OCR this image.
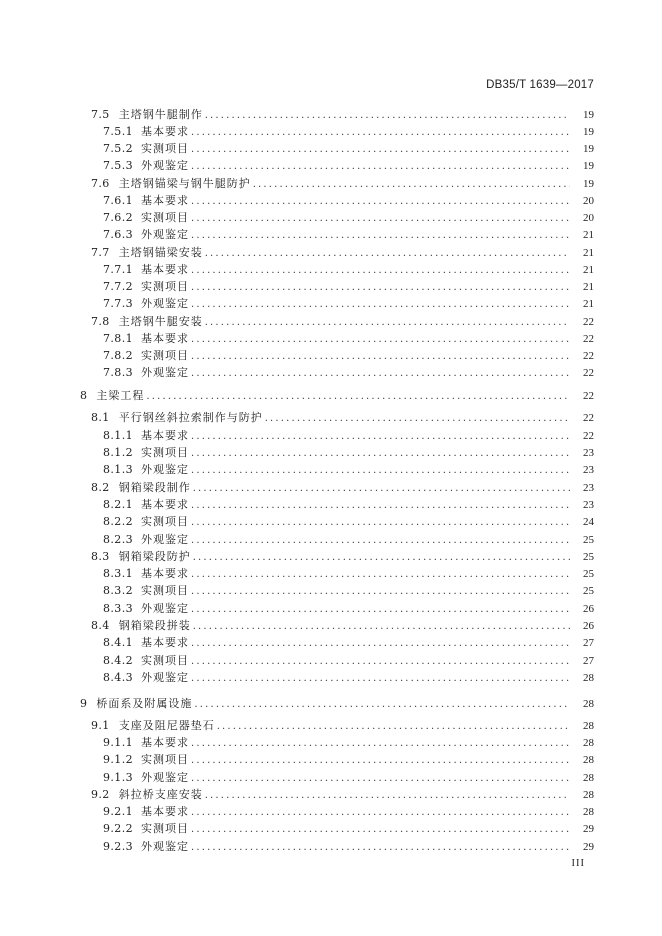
DB35/T 1639—2017
7.5 主塔钢牛腿制作 . . .	19
7.5.1 基本要求 . . .	19
7.5.2 实测项目 . . .	19
7.5.3 外观鉴定 . . .	19
7.6 主塔钢锚梁与钢牛腿防护 . . .	19
7.6.1 基本要求 . . .	20
7.6.2 实测项目 . . .	20
7.6.3 外观鉴定 . . .	21
7.7 主塔钢锚梁安装 . . .	21
7.7.1 基本要求 . . .	21
7.7.2 实测项目 . . .	21
7.7.3 外观鉴定 . . .	21
7.8 主塔钢牛腿安装 . . .	22
7.8.1 基本要求 . . .	22
7.8.2 实测项目 . . .	22
7.8.3 外观鉴定 . . .	22
8 主梁工程 . . .	22
8.1 平行钢丝斜拉索制作与防护 . . .	22
8.1.1 基本要求 . . .	22
8.1.2 实测项目 . . .	23
8.1.3 外观鉴定 . . .	23
8.2 钢箱梁段制作 . . .	23
8.2.1 基本要求 . . .	23
8.2.2 实测项目 . . .	24
8.2.3 外观鉴定 . . .	25
8.3 钢箱梁段防护 . . .	25
8.3.1 基本要求 . . .	25
8.3.2 实测项目 . . .	25
8.3.3 外观鉴定 . . .	26
8.4 钢箱梁段拼装 . . .	26
8.4.1 基本要求 . . .	27
8.4.2 实测项目 . . .	27
8.4.3 外观鉴定 . . .	28
9 桥面系及附属设施 . . .	28
9.1 支座及阻尼器垫石 . . .	28
9.1.1 基本要求 . . .	28
9.1.2 实测项目 . . .	28
9.1.3 外观鉴定 . . .	28
9.2 斜拉桥支座安装 . . .	28
9.2.1 基本要求 . . .	28
9.2.2 实测项目 . . .	29
9.2.3 外观鉴定 . . .	29
III
